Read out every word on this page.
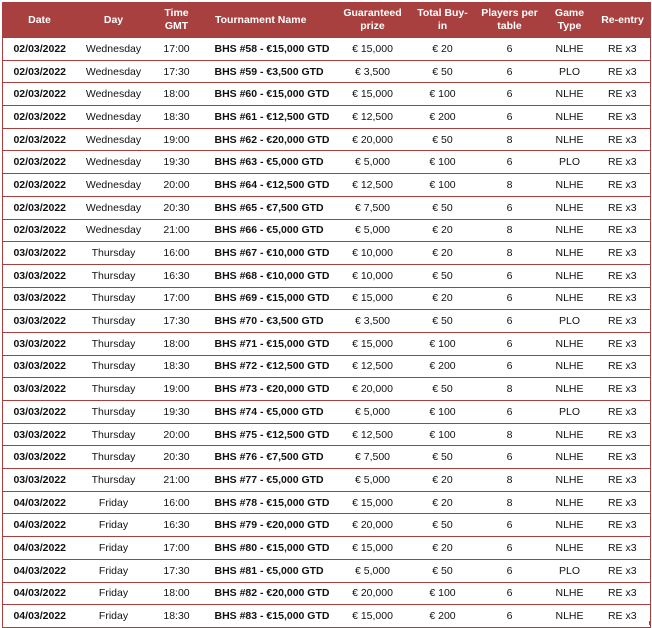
Date	Day	Time GMT	Tournament Name	Guaranteed prize	Total Buy-in	Players per table	Game Type	Re-entry
02/03/2022	Wednesday	17:00	BHS #58 - €15,000 GTD	€ 15,000	€ 20	6	NLHE	RE x3
02/03/2022	Wednesday	17:30	BHS #59 - €3,500 GTD	€ 3,500	€ 50	6	PLO	RE x3
02/03/2022	Wednesday	18:00	BHS #60 - €15,000 GTD	€ 15,000	€ 100	6	NLHE	RE x3
02/03/2022	Wednesday	18:30	BHS #61 - €12,500 GTD	€ 12,500	€ 200	6	NLHE	RE x3
02/03/2022	Wednesday	19:00	BHS #62 - €20,000 GTD	€ 20,000	€ 50	8	NLHE	RE x3
02/03/2022	Wednesday	19:30	BHS #63 - €5,000 GTD	€ 5,000	€ 100	6	PLO	RE x3
02/03/2022	Wednesday	20:00	BHS #64 - €12,500 GTD	€ 12,500	€ 100	8	NLHE	RE x3
02/03/2022	Wednesday	20:30	BHS #65 - €7,500 GTD	€ 7,500	€ 50	6	NLHE	RE x3
02/03/2022	Wednesday	21:00	BHS #66 - €5,000 GTD	€ 5,000	€ 20	8	NLHE	RE x3
03/03/2022	Thursday	16:00	BHS #67 - €10,000 GTD	€ 10,000	€ 20	8	NLHE	RE x3
03/03/2022	Thursday	16:30	BHS #68 - €10,000 GTD	€ 10,000	€ 50	6	NLHE	RE x3
03/03/2022	Thursday	17:00	BHS #69 - €15,000 GTD	€ 15,000	€ 20	6	NLHE	RE x3
03/03/2022	Thursday	17:30	BHS #70 - €3,500 GTD	€ 3,500	€ 50	6	PLO	RE x3
03/03/2022	Thursday	18:00	BHS #71 - €15,000 GTD	€ 15,000	€ 100	6	NLHE	RE x3
03/03/2022	Thursday	18:30	BHS #72 - €12,500 GTD	€ 12,500	€ 200	6	NLHE	RE x3
03/03/2022	Thursday	19:00	BHS #73 - €20,000 GTD	€ 20,000	€ 50	8	NLHE	RE x3
03/03/2022	Thursday	19:30	BHS #74 - €5,000 GTD	€ 5,000	€ 100	6	PLO	RE x3
03/03/2022	Thursday	20:00	BHS #75 - €12,500 GTD	€ 12,500	€ 100	8	NLHE	RE x3
03/03/2022	Thursday	20:30	BHS #76 - €7,500 GTD	€ 7,500	€ 50	6	NLHE	RE x3
03/03/2022	Thursday	21:00	BHS #77 - €5,000 GTD	€ 5,000	€ 20	8	NLHE	RE x3
04/03/2022	Friday	16:00	BHS #78 - €15,000 GTD	€ 15,000	€ 20	8	NLHE	RE x3
04/03/2022	Friday	16:30	BHS #79 - €20,000 GTD	€ 20,000	€ 50	6	NLHE	RE x3
04/03/2022	Friday	17:00	BHS #80 - €15,000 GTD	€ 15,000	€ 20	6	NLHE	RE x3
04/03/2022	Friday	17:30	BHS #81 - €5,000 GTD	€ 5,000	€ 50	6	PLO	RE x3
04/03/2022	Friday	18:00	BHS #82 - €20,000 GTD	€ 20,000	€ 100	6	NLHE	RE x3
04/03/2022	Friday	18:30	BHS #83 - €15,000 GTD	€ 15,000	€ 200	6	NLHE	RE x3
